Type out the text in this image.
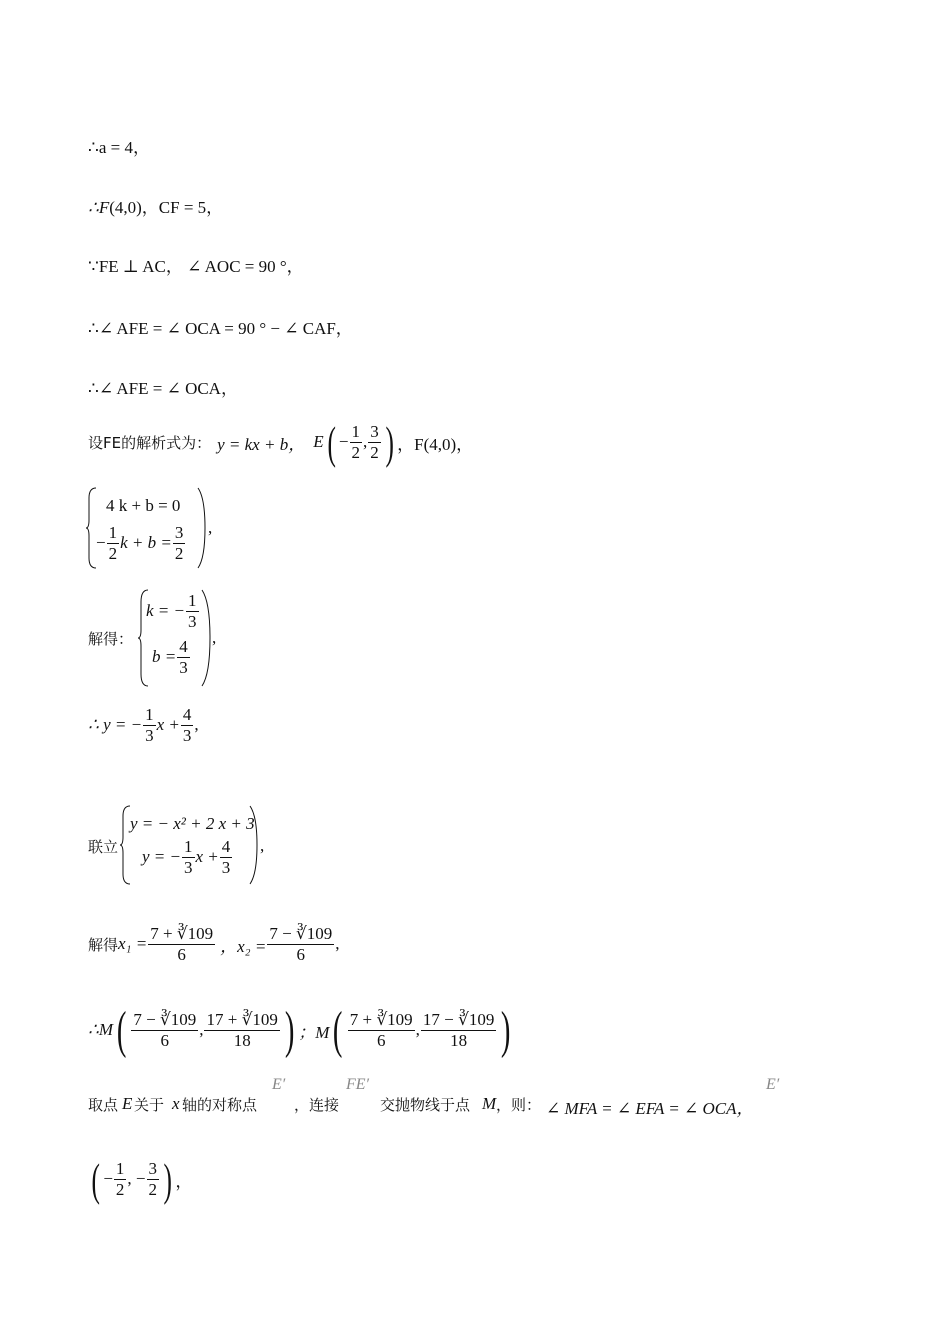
∴a = 4，
∴F(4,0)，CF = 5，
∵FE ⊥ AC， ∠ AOC = 90 °，
∴∠ AFE = ∠ OCA = 90 ° − ∠ CAF，
∴∠ AFE = ∠ OCA，
设FE的解析式为： y = kx + b， E ( − $\frac{1}{2}$ , $\frac{3}{2}$ ) ，F (4,0)，
4 k + b = 0
− $\frac{1}{2}$ $k + b = \frac{3}{2}$ ,
解得：
k = − $\frac{1}{3}$
$b = \frac{4}{3}$
,
∴ y = − $\frac{1}{3}$ $x + \frac{4}{3}$ ,
联立
y = − x² + 2 x + 3
y = − $\frac{1}{3}$ $x + \frac{4}{3}$ ,
解得 $x_1 = \frac{7 + ∛109}{6}$ ，$x_2 = \frac{7 - ∛109}{6}$ ,
∴M ( $\frac{7 - ∛109}{6}$ , $\frac{17 + ∛109}{18}$ ) ；M ( $\frac{7 + ∛109}{6}$ , $\frac{17 - ∛109}{18}$ )
取点 E 关于 x 轴的对称点
E′
，连接
FE′
交抛物线于点 M ，则： ∠ MFA = ∠ EFA = ∠ OCA，
E′
( − $\frac{1}{2}$ , − $\frac{3}{2}$ ) ，
